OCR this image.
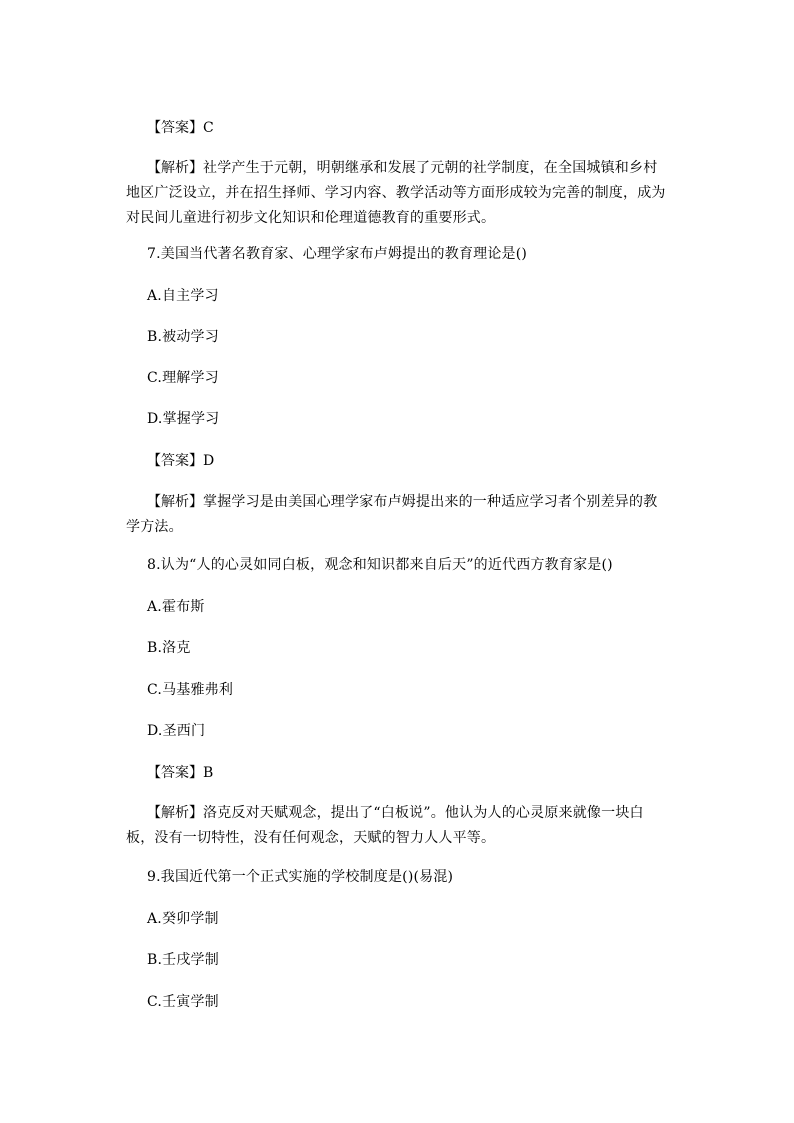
【答案】C
【解析】社学产生于元朝，明朝继承和发展了元朝的社学制度，在全国城镇和乡村地区广泛设立，并在招生择师、学习内容、教学活动等方面形成较为完善的制度，成为对民间儿童进行初步文化知识和伦理道德教育的重要形式。
7.美国当代著名教育家、心理学家布卢姆提出的教育理论是()
A.自主学习
B.被动学习
C.理解学习
D.掌握学习
【答案】D
【解析】掌握学习是由美国心理学家布卢姆提出来的一种适应学习者个别差异的教学方法。
8.认为“人的心灵如同白板，观念和知识都来自后天”的近代西方教育家是()
A.霍布斯
B.洛克
C.马基雅弗利
D.圣西门
【答案】B
【解析】洛克反对天赋观念，提出了“白板说”。他认为人的心灵原来就像一块白板，没有一切特性，没有任何观念，天赋的智力人人平等。
9.我国近代第一个正式实施的学校制度是()(易混)
A.癸卯学制
B.壬戌学制
C.壬寅学制
